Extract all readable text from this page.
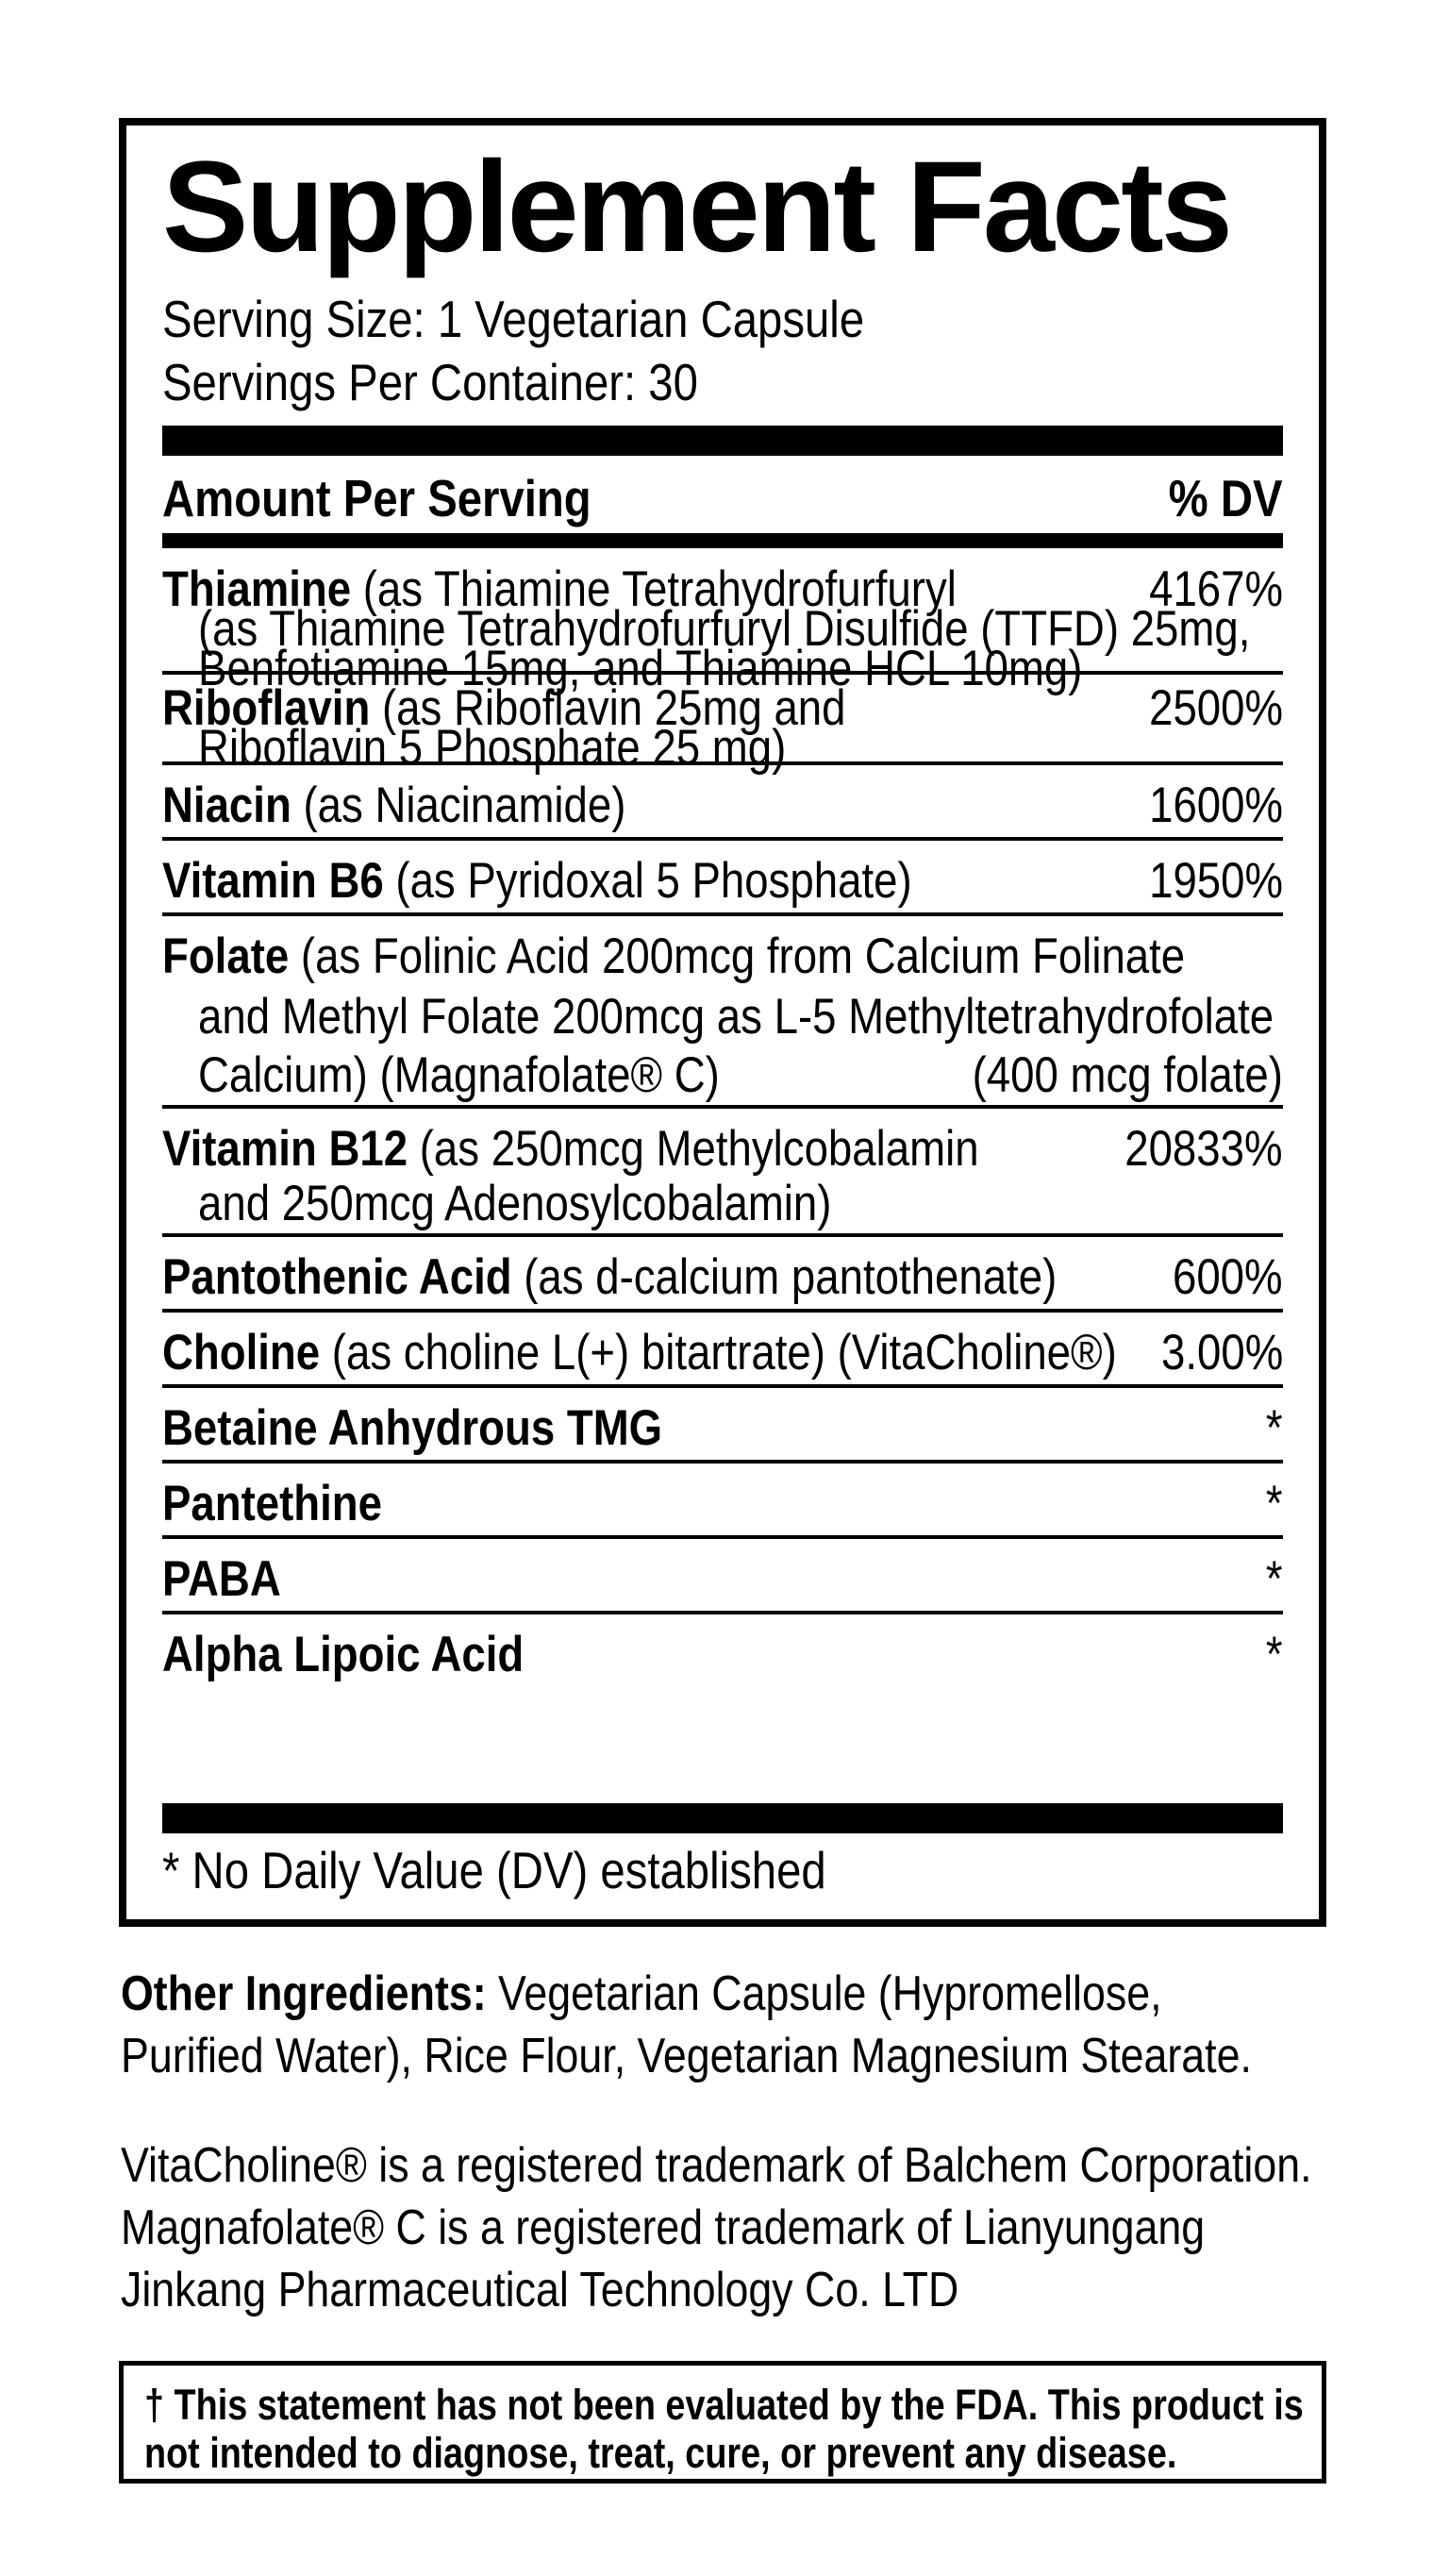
Supplement Facts
Serving Size: 1 Vegetarian Capsule
Servings Per Container: 30
Amount Per Serving	% DV
Thiamine (as Thiamine Tetrahydrofurfuryl	4167%
(as Thiamine Tetrahydrofurfuryl Disulfide (TTFD) 25mg,
Benfotiamine 15mg, and Thiamine HCL 10mg)
Riboflavin (as Riboflavin 25mg and	2500%
Riboflavin 5 Phosphate 25 mg)
Niacin (as Niacinamide)	1600%
Vitamin B6 (as Pyridoxal 5 Phosphate)	1950%
Folate (as Folinic Acid 200mcg from Calcium Folinate
and Methyl Folate 200mcg as L-5 Methyltetrahydrofolate
Calcium) (Magnafolate® C)	(400 mcg folate)
Vitamin B12 (as 250mcg Methylcobalamin	20833%
and 250mcg Adenosylcobalamin)
Pantothenic Acid (as d-calcium pantothenate) 600%
Choline (as choline L(+) bitartrate) (VitaCholine®) 3.00%
Betaine Anhydrous TMG	*
Pantethine	*
PABA	*
Alpha Lipoic Acid	*
* No Daily Value (DV) established
Other Ingredients: Vegetarian Capsule (Hypromellose,
Purified Water), Rice Flour, Vegetarian Magnesium Stearate.
VitaCholine® is a registered trademark of Balchem Corporation.
Magnafolate® C is a registered trademark of Lianyungang
Jinkang Pharmaceutical Technology Co. LTD
† This statement has not been evaluated by the FDA. This product is
not intended to diagnose, treat, cure, or prevent any disease.
